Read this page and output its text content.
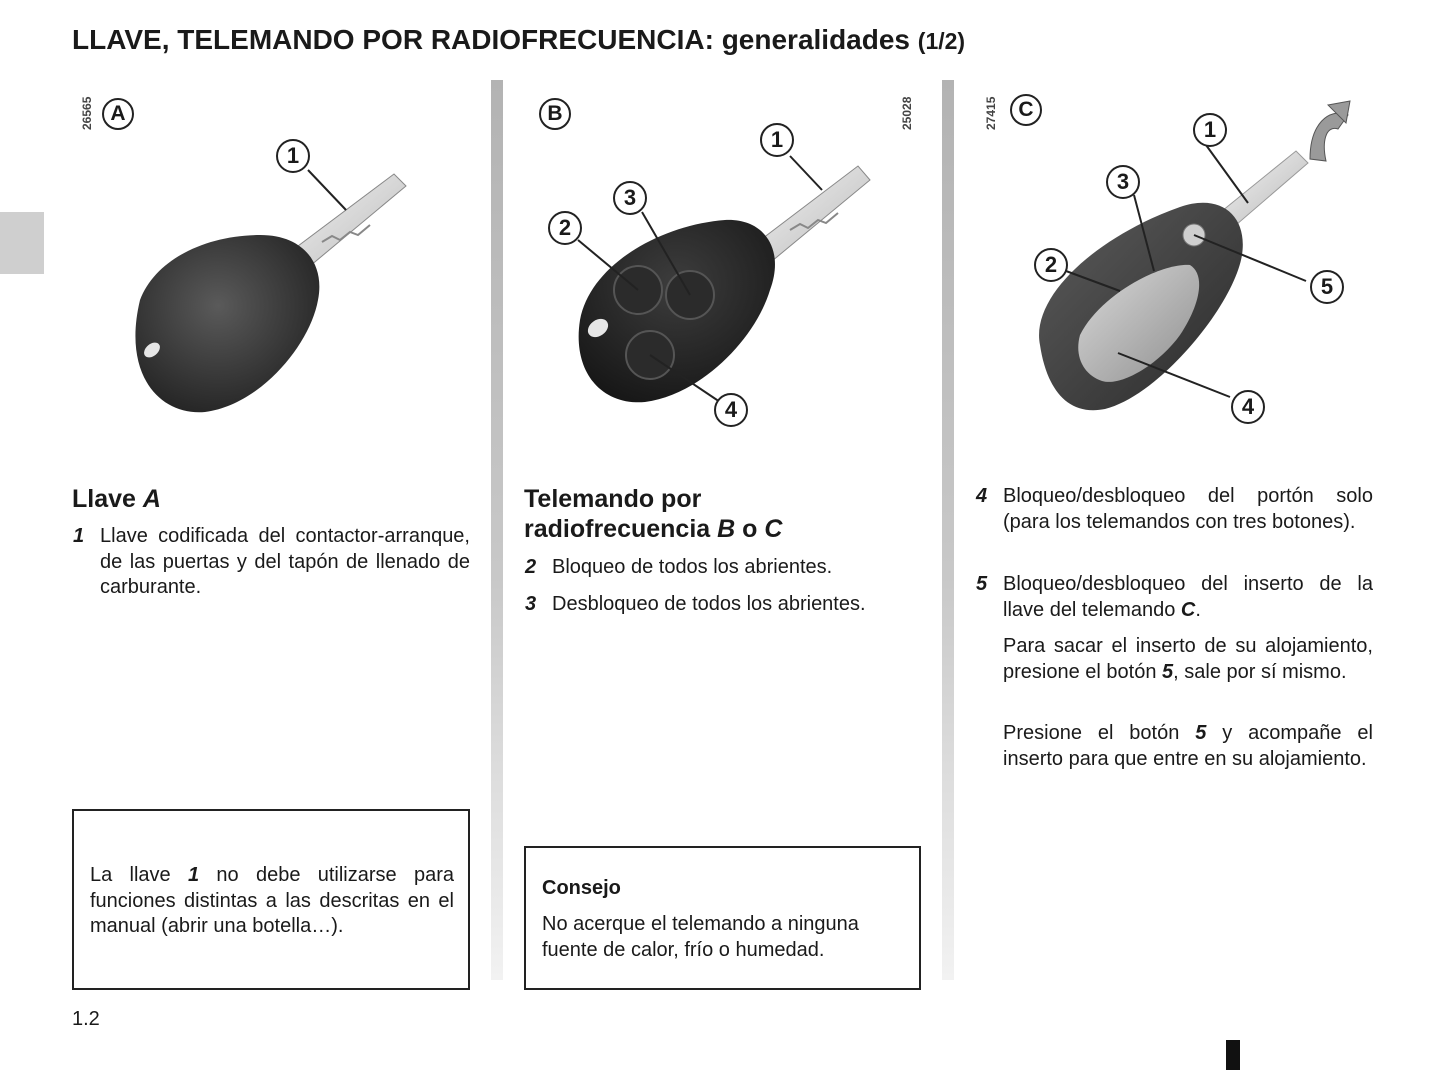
LLAVE, TELEMANDO POR RADIOFRECUENCIA: generalidades (1/2)
26565 A
1
B	25028
1
2
3
4
27415 C
1
2
3
4
5
Llave A
1 Llave codificada del contactor-arranque, de las puertas y del tapón de llenado de carburante.
La llave 1 no debe utilizarse para funciones distintas a las descritas en el manual (abrir una botella…).
Telemando por
radiofrecuencia B o C
2 Bloqueo de todos los abrientes.
3 Desbloqueo de todos los abrientes.
Consejo
No acerque el telemando a ninguna fuente de calor, frío o humedad.
4 Bloqueo/desbloqueo del portón solo (para los telemandos con tres botones).
5 Bloqueo/desbloqueo del inserto de la llave del telemando C.
Para sacar el inserto de su alojamiento, presione el botón 5, sale por sí mismo.
Presione el botón 5 y acompañe el inserto para que entre en su alojamiento.
1.2
